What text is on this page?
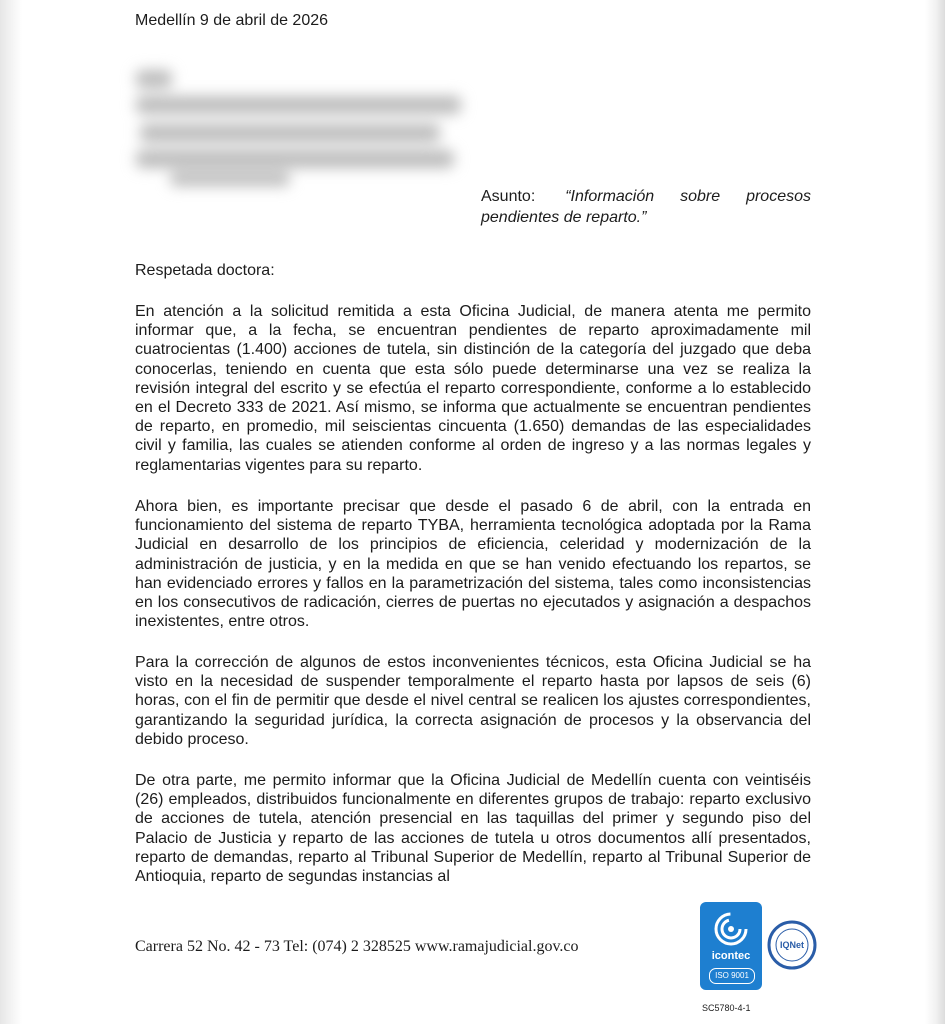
Medellín 9 de abril de 2026
Asunto: “Información sobre procesos pendientes de reparto.”
Respetada doctora:

En atención a la solicitud remitida a esta Oficina Judicial, de manera atenta me permito informar que, a la fecha, se encuentran pendientes de reparto aproximadamente mil cuatrocientas (1.400) acciones de tutela, sin distinción de la categoría del juzgado que deba conocerlas, teniendo en cuenta que esta sólo puede determinarse una vez se realiza la revisión integral del escrito y se efectúa el reparto correspondiente, conforme a lo establecido en el Decreto 333 de 2021. Así mismo, se informa que actualmente se encuentran pendientes de reparto, en promedio, mil seiscientas cincuenta (1.650) demandas de las especialidades civil y familia, las cuales se atienden conforme al orden de ingreso y a las normas legales y reglamentarias vigentes para su reparto.

Ahora bien, es importante precisar que desde el pasado 6 de abril, con la entrada en funcionamiento del sistema de reparto TYBA, herramienta tecnológica adoptada por la Rama Judicial en desarrollo de los principios de eficiencia, celeridad y modernización de la administración de justicia, y en la medida en que se han venido efectuando los repartos, se han evidenciado errores y fallos en la parametrización del sistema, tales como inconsistencias en los consecutivos de radicación, cierres de puertas no ejecutados y asignación a despachos inexistentes, entre otros.

Para la corrección de algunos de estos inconvenientes técnicos, esta Oficina Judicial se ha visto en la necesidad de suspender temporalmente el reparto hasta por lapsos de seis (6) horas, con el fin de permitir que desde el nivel central se realicen los ajustes correspondientes, garantizando la seguridad jurídica, la correcta asignación de procesos y la observancia del debido proceso.

De otra parte, me permito informar que la Oficina Judicial de Medellín cuenta con veintiséis (26) empleados, distribuidos funcionalmente en diferentes grupos de trabajo: reparto exclusivo de acciones de tutela, atención presencial en las taquillas del primer y segundo piso del Palacio de Justicia y reparto de las acciones de tutela u otros documentos allí presentados, reparto de demandas, reparto al Tribunal Superior de Medellín, reparto al Tribunal Superior de Antioquia, reparto de segundas instancias al

Carrera 52 No. 42 - 73 Tel: (074) 2 328525 www.ramajudicial.gov.co
icontec
ISO 9001
IQNet
SC5780-4-1
